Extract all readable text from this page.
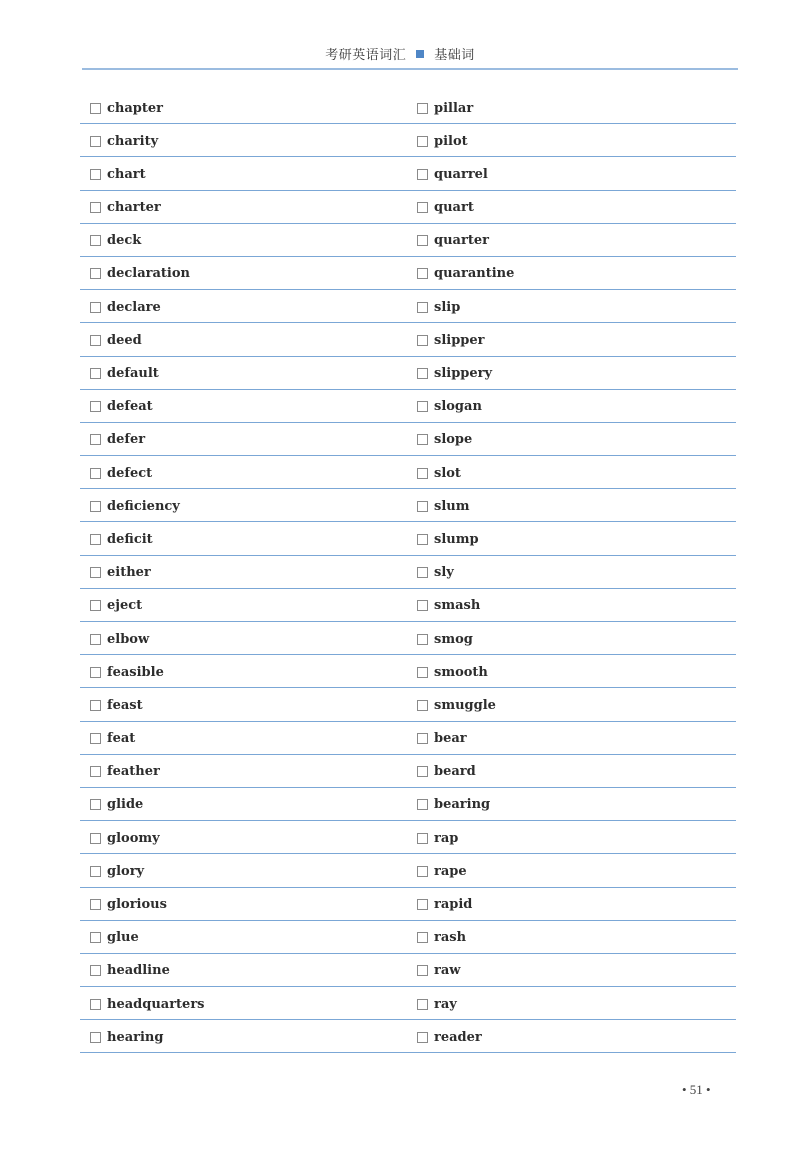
考研英语词汇 基础词
chapter	pillar
charity	pilot
chart	quarrel
charter	quart
deck	quarter
declaration	quarantine
declare	slip
deed	slipper
default	slippery
defeat	slogan
defer	slope
defect	slot
deficiency	slum
deficit	slump
either	sly
eject	smash
elbow	smog
feasible	smooth
feast	smuggle
feat	bear
feather	beard
glide	bearing
gloomy	rap
glory	rape
glorious	rapid
glue	rash
headline	raw
headquarters	ray
hearing	reader
• 51 •
